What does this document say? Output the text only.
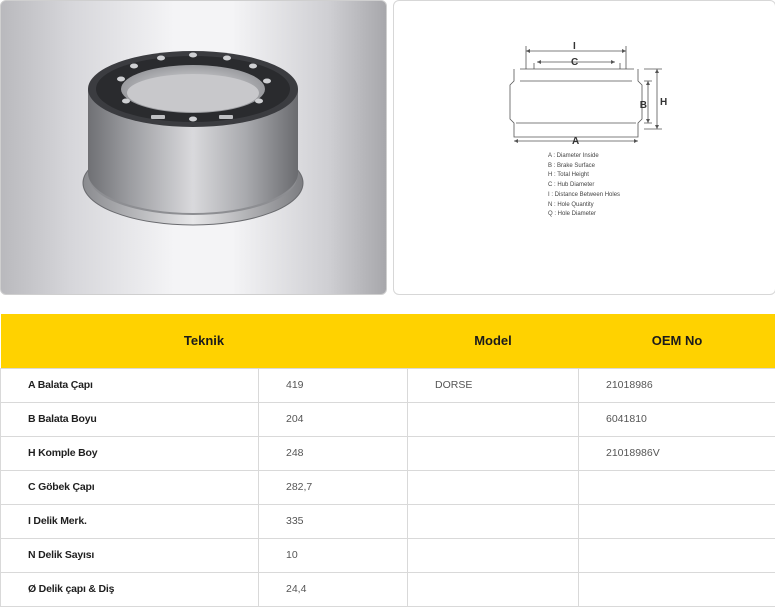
I
C
B H
A
A : Diameter Inside
B : Brake Surface
H : Total Height
C : Hub Diameter
I : Distance Between Holes
N : Hole Quantity
Q : Hole Diameter
Teknik		Model	OEM No
A Balata Çapı	419	DORSE	21018986
B Balata Boyu	204		6041810
H Komple Boy	248		21018986V
C Göbek Çapı	282,7		
I Delik Merk.	335		
N Delik Sayısı	10		
Ø Delik çapı & Diş	24,4		
